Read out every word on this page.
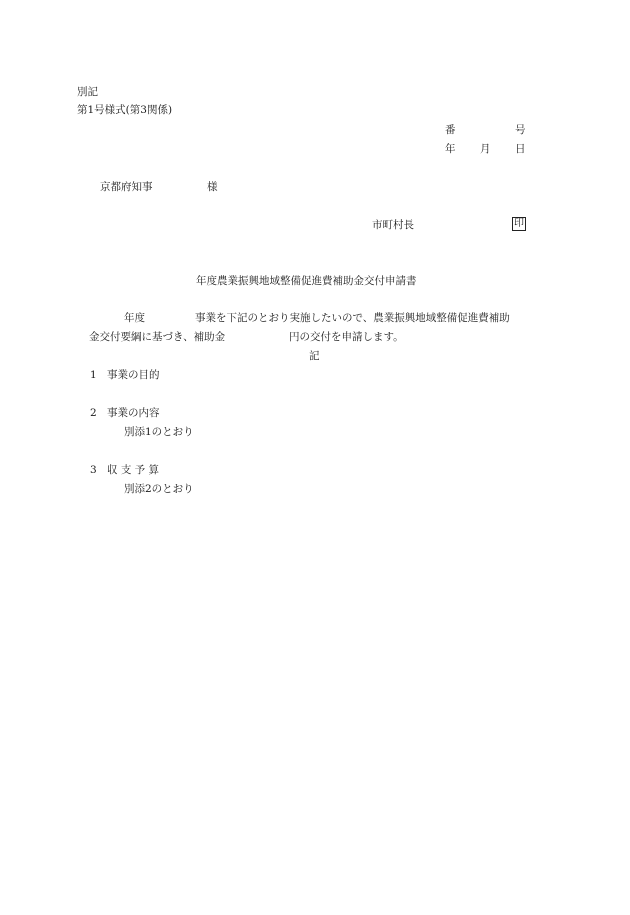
別記
第1号様式(第3関係)
番	号
年 月 日
京都府知事	様
市町村長	印
年度農業振興地域整備促進費補助金交付申請書
年度	事業を下記のとおり実施したいので、農業振興地域整備促進費補助
金交付要綱に基づき、補助金	円の交付を申請します。
記
1 事業の目的
2 事業の内容
別添1のとおり
3 収 支 予 算
別添2のとおり
